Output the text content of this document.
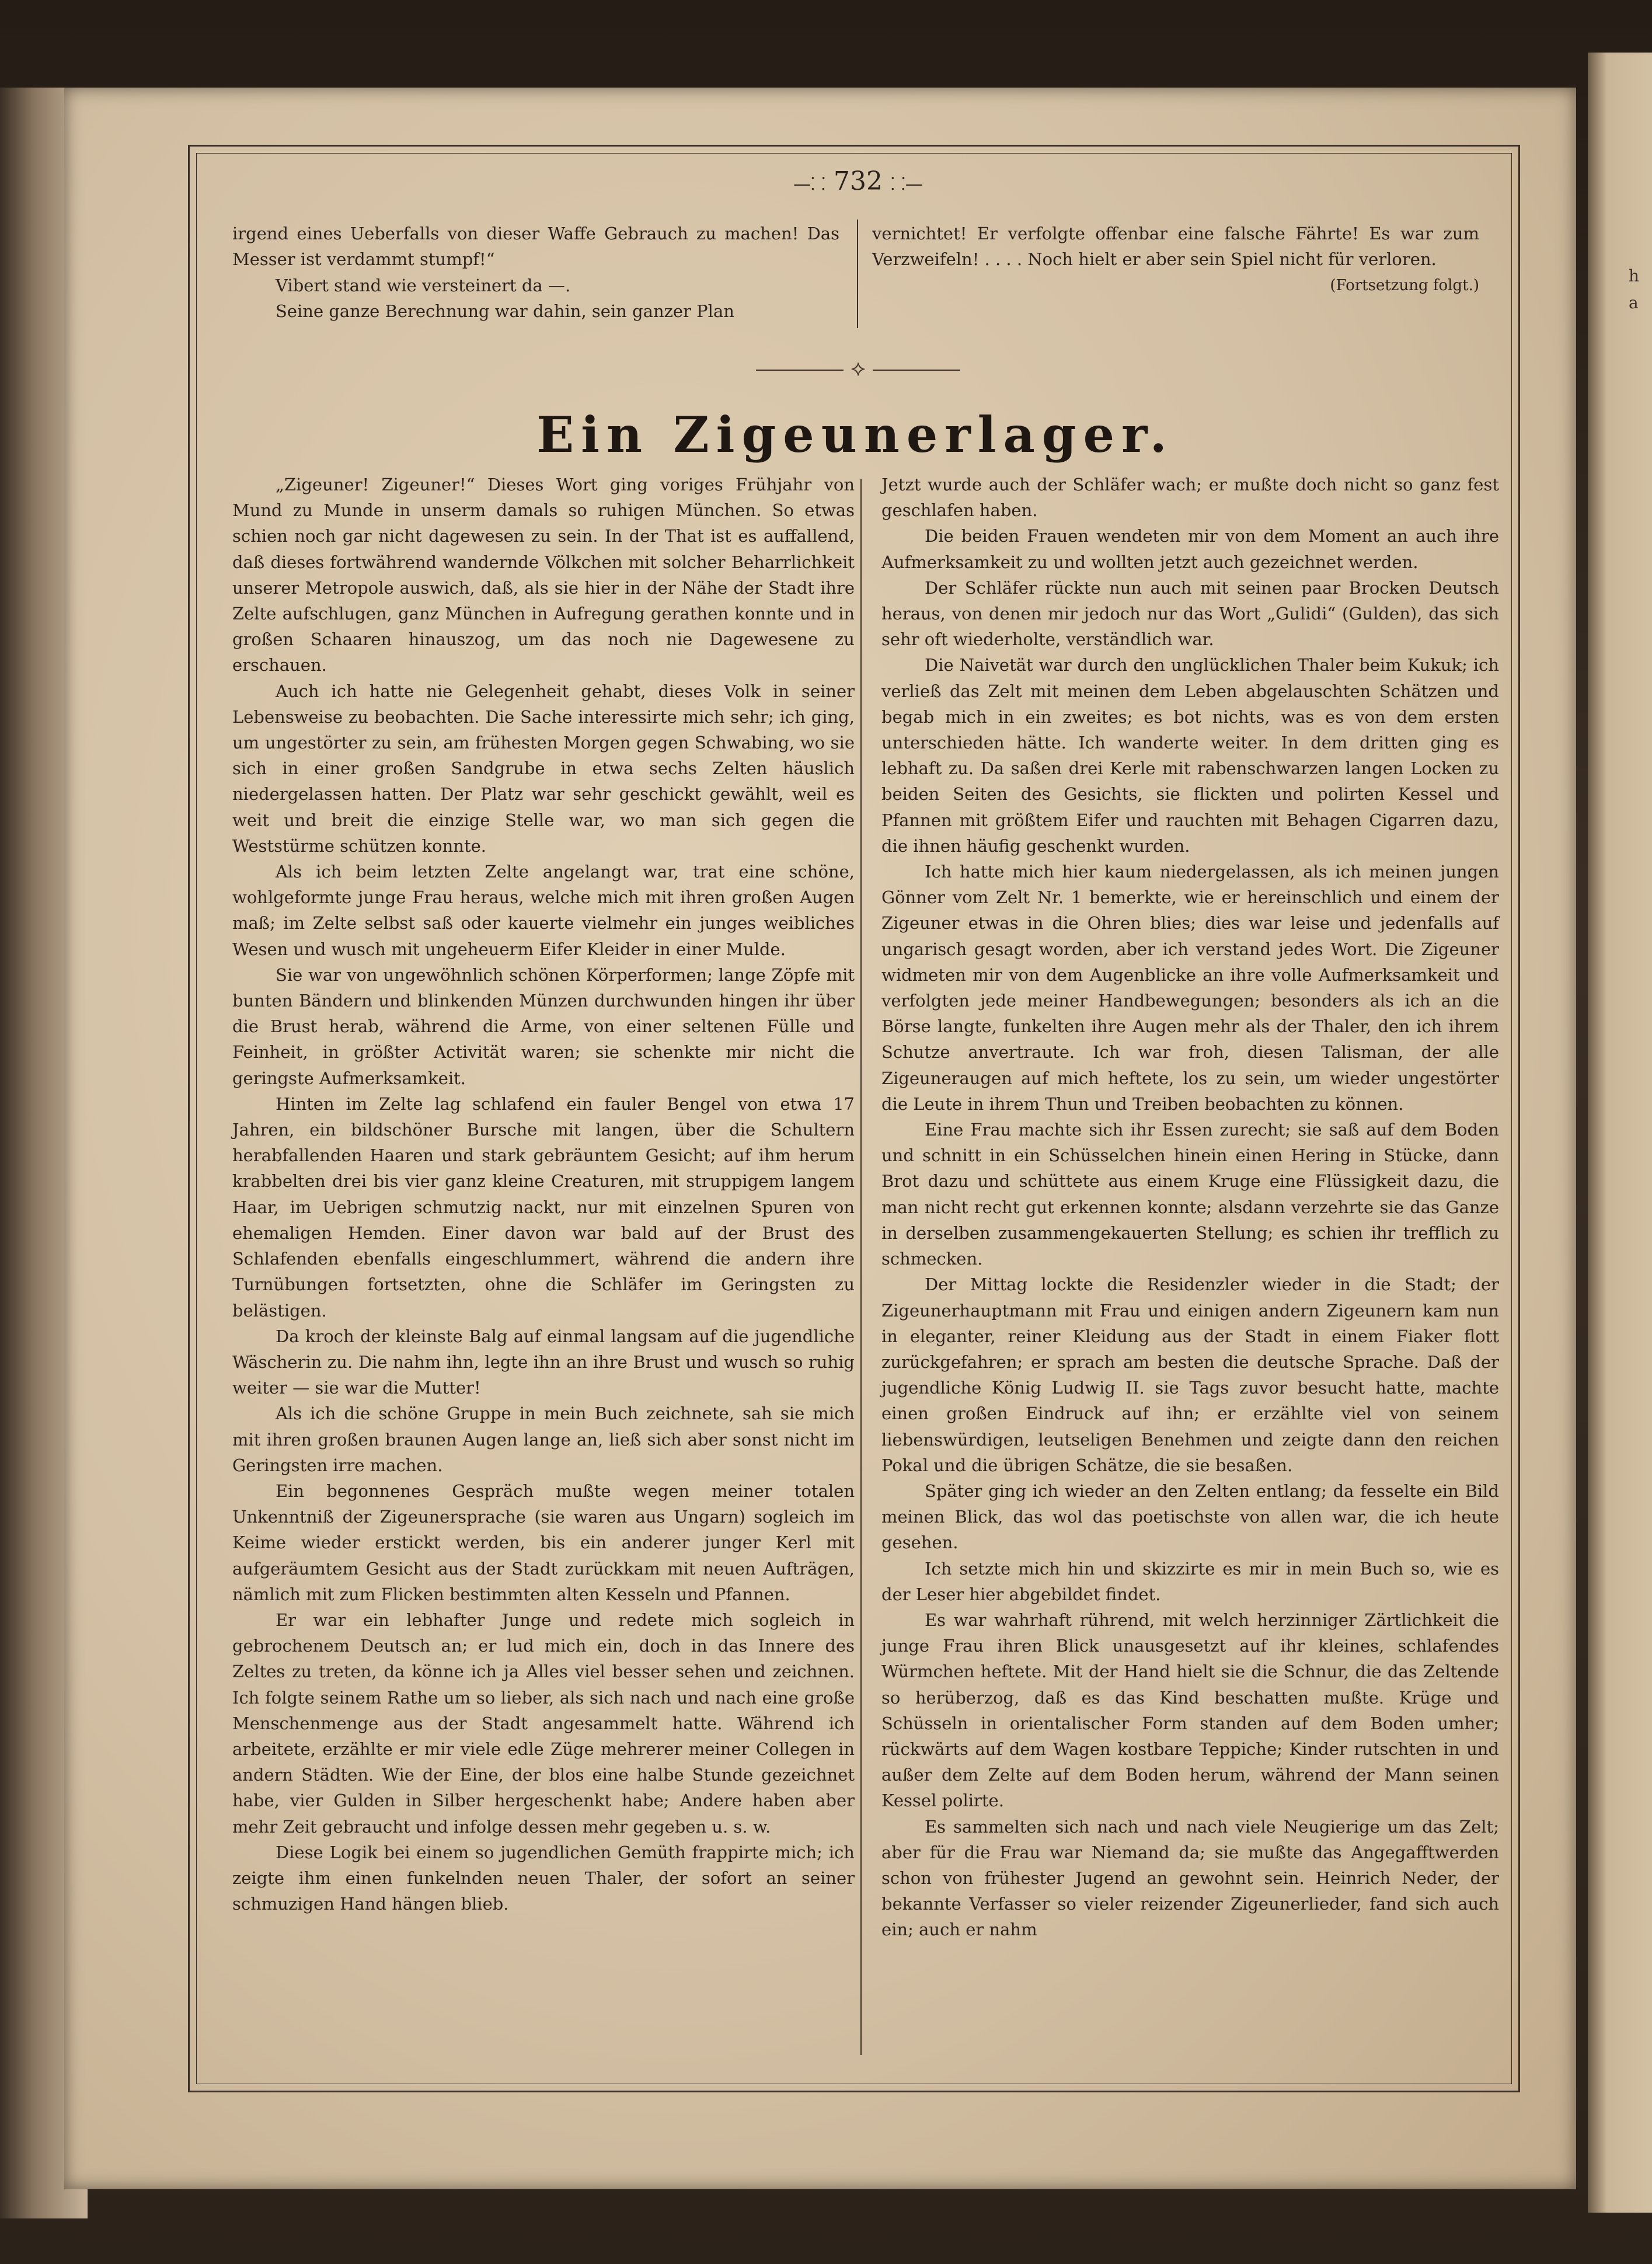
h
a
—⸬ 732 ⸬—

irgend eines Ueberfalls von dieser Waffe Gebrauch zu machen! Das Messer ist verdammt stumpf!“

Vibert stand wie versteinert da —.

Seine ganze Berechnung war dahin, sein ganzer Plan

vernichtet! Er verfolgte offenbar eine falsche Fährte! Es war zum Verzweifeln! . . . . Noch hielt er aber sein Spiel nicht für verloren.

(Fortsetzung folgt.)

⟡
Ein Zigeunerlager.

„Zigeuner! Zigeuner!“ Dieses Wort ging voriges Frühjahr von Mund zu Munde in unserm damals so ruhigen München. So etwas schien noch gar nicht dagewesen zu sein. In der That ist es auffallend, daß dieses fortwährend wandernde Völkchen mit solcher Beharrlichkeit unserer Metropole auswich, daß, als sie hier in der Nähe der Stadt ihre Zelte aufschlugen, ganz München in Aufregung gerathen konnte und in großen Schaaren hinauszog, um das noch nie Dagewesene zu erschauen.

Auch ich hatte nie Gelegenheit gehabt, dieses Volk in seiner Lebensweise zu beobachten. Die Sache interessirte mich sehr; ich ging, um ungestörter zu sein, am frühesten Morgen gegen Schwabing, wo sie sich in einer großen Sandgrube in etwa sechs Zelten häuslich niedergelassen hatten. Der Platz war sehr geschickt gewählt, weil es weit und breit die einzige Stelle war, wo man sich gegen die Weststürme schützen konnte.

Als ich beim letzten Zelte angelangt war, trat eine schöne, wohlgeformte junge Frau heraus, welche mich mit ihren großen Augen maß; im Zelte selbst saß oder kauerte vielmehr ein junges weibliches Wesen und wusch mit ungeheuerm Eifer Kleider in einer Mulde.

Sie war von ungewöhnlich schönen Körperformen; lange Zöpfe mit bunten Bändern und blinkenden Münzen durchwunden hingen ihr über die Brust herab, während die Arme, von einer seltenen Fülle und Feinheit, in größter Activität waren; sie schenkte mir nicht die geringste Aufmerksamkeit.

Hinten im Zelte lag schlafend ein fauler Bengel von etwa 17 Jahren, ein bildschöner Bursche mit langen, über die Schultern herabfallenden Haaren und stark gebräuntem Gesicht; auf ihm herum krabbelten drei bis vier ganz kleine Creaturen, mit struppigem langem Haar, im Uebrigen schmutzig nackt, nur mit einzelnen Spuren von ehemaligen Hemden. Einer davon war bald auf der Brust des Schlafenden ebenfalls eingeschlummert, während die andern ihre Turnübungen fortsetzten, ohne die Schläfer im Geringsten zu belästigen.

Da kroch der kleinste Balg auf einmal langsam auf die jugendliche Wäscherin zu. Die nahm ihn, legte ihn an ihre Brust und wusch so ruhig weiter — sie war die Mutter!

Als ich die schöne Gruppe in mein Buch zeichnete, sah sie mich mit ihren großen braunen Augen lange an, ließ sich aber sonst nicht im Geringsten irre machen.

Ein begonnenes Gespräch mußte wegen meiner totalen Unkenntniß der Zigeunersprache (sie waren aus Ungarn) sogleich im Keime wieder erstickt werden, bis ein anderer junger Kerl mit aufgeräumtem Gesicht aus der Stadt zurückkam mit neuen Aufträgen, nämlich mit zum Flicken bestimmten alten Kesseln und Pfannen.

Er war ein lebhafter Junge und redete mich sogleich in gebrochenem Deutsch an; er lud mich ein, doch in das Innere des Zeltes zu treten, da könne ich ja Alles viel besser sehen und zeichnen. Ich folgte seinem Rathe um so lieber, als sich nach und nach eine große Menschenmenge aus der Stadt angesammelt hatte. Während ich arbeitete, erzählte er mir viele edle Züge mehrerer meiner Collegen in andern Städten. Wie der Eine, der blos eine halbe Stunde gezeichnet habe, vier Gulden in Silber hergeschenkt habe; Andere haben aber mehr Zeit gebraucht und infolge dessen mehr gegeben u. s. w.

Diese Logik bei einem so jugendlichen Gemüth frappirte mich; ich zeigte ihm einen funkelnden neuen Thaler, der sofort an seiner schmuzigen Hand hängen blieb.

Jetzt wurde auch der Schläfer wach; er mußte doch nicht so ganz fest geschlafen haben.

Die beiden Frauen wendeten mir von dem Moment an auch ihre Aufmerksamkeit zu und wollten jetzt auch gezeichnet werden.

Der Schläfer rückte nun auch mit seinen paar Brocken Deutsch heraus, von denen mir jedoch nur das Wort „Gulidi“ (Gulden), das sich sehr oft wiederholte, verständlich war.

Die Naivetät war durch den unglücklichen Thaler beim Kukuk; ich verließ das Zelt mit meinen dem Leben abgelauschten Schätzen und begab mich in ein zweites; es bot nichts, was es von dem ersten unterschieden hätte. Ich wanderte weiter. In dem dritten ging es lebhaft zu. Da saßen drei Kerle mit rabenschwarzen langen Locken zu beiden Seiten des Gesichts, sie flickten und polirten Kessel und Pfannen mit größtem Eifer und rauchten mit Behagen Cigarren dazu, die ihnen häufig geschenkt wurden.

Ich hatte mich hier kaum niedergelassen, als ich meinen jungen Gönner vom Zelt Nr. 1 bemerkte, wie er hereinschlich und einem der Zigeuner etwas in die Ohren blies; dies war leise und jedenfalls auf ungarisch gesagt worden, aber ich verstand jedes Wort. Die Zigeuner widmeten mir von dem Augenblicke an ihre volle Aufmerksamkeit und verfolgten jede meiner Handbewegungen; besonders als ich an die Börse langte, funkelten ihre Augen mehr als der Thaler, den ich ihrem Schutze anvertraute. Ich war froh, diesen Talisman, der alle Zigeuneraugen auf mich heftete, los zu sein, um wieder ungestörter die Leute in ihrem Thun und Treiben beobachten zu können.

Eine Frau machte sich ihr Essen zurecht; sie saß auf dem Boden und schnitt in ein Schüsselchen hinein einen Hering in Stücke, dann Brot dazu und schüttete aus einem Kruge eine Flüssigkeit dazu, die man nicht recht gut erkennen konnte; alsdann verzehrte sie das Ganze in derselben zusammengekauerten Stellung; es schien ihr trefflich zu schmecken.

Der Mittag lockte die Residenzler wieder in die Stadt; der Zigeunerhauptmann mit Frau und einigen andern Zigeunern kam nun in eleganter, reiner Kleidung aus der Stadt in einem Fiaker flott zurückgefahren; er sprach am besten die deutsche Sprache. Daß der jugendliche König Ludwig II. sie Tags zuvor besucht hatte, machte einen großen Eindruck auf ihn; er erzählte viel von seinem liebenswürdigen, leutseligen Benehmen und zeigte dann den reichen Pokal und die übrigen Schätze, die sie besaßen.

Später ging ich wieder an den Zelten entlang; da fesselte ein Bild meinen Blick, das wol das poetischste von allen war, die ich heute gesehen.

Ich setzte mich hin und skizzirte es mir in mein Buch so, wie es der Leser hier abgebildet findet.

Es war wahrhaft rührend, mit welch herzinniger Zärtlichkeit die junge Frau ihren Blick unausgesetzt auf ihr kleines, schlafendes Würmchen heftete. Mit der Hand hielt sie die Schnur, die das Zeltende so herüberzog, daß es das Kind beschatten mußte. Krüge und Schüsseln in orientalischer Form standen auf dem Boden umher; rückwärts auf dem Wagen kostbare Teppiche; Kinder rutschten in und außer dem Zelte auf dem Boden herum, während der Mann seinen Kessel polirte.

Es sammelten sich nach und nach viele Neugierige um das Zelt; aber für die Frau war Niemand da; sie mußte das Angegafftwerden schon von frühester Jugend an gewohnt sein. Heinrich Neder, der bekannte Verfasser so vieler reizender Zigeunerlieder, fand sich auch ein; auch er nahm
